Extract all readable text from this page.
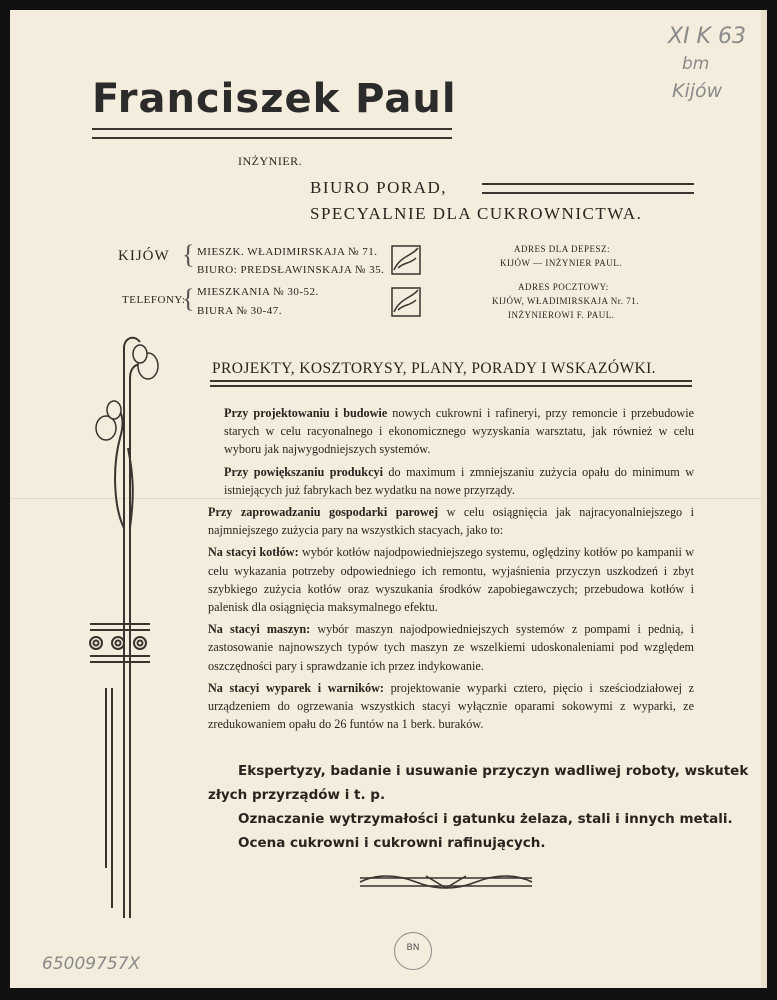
XI K 63
bm
Kijów
65009757X
Franciszek Paul
INŻYNIER.
BIURO PORAD,
SPECYALNIE DLA CUKROWNICTWA.
KIJÓW { MIESZK. WŁADIMIRSKAJA № 71.
BIURO: PREDSŁAWINSKAJA № 35.
TELEFONY:
{ MIESZKANIA № 30-52.
BIURA № 30-47.
ADRES DLA DEPESZ:
KIJÓW — INŻYNIER PAUL.
ADRES POCZTOWY:
KIJÓW, WŁADIMIRSKAJA Nr. 71.
INŻYNIEROWI F. PAUL.
PROJEKTY, KOSZTORYSY, PLANY, PORADY I WSKAZÓWKI.

Przy projektowaniu i budowie nowych cukrowni i rafineryi, przy remoncie i przebudowie starych w celu racyonalnego i ekonomicznego wyzyskania warsztatu, jak również w celu wyboru jak najwygodniejszych systemów.

Przy powiększaniu produkcyi do maximum i zmniejszaniu zużycia opału do minimum w istniejących już fabrykach bez wydatku na nowe przyrządy.

Przy zaprowadzaniu gospodarki parowej w celu osiągnięcia jak najracyonalniejszego i najmniejszego zużycia pary na wszystkich stacyach, jako to:

Na stacyi kotłów: wybór kotłów najodpowiedniejszego systemu, oględziny kotłów po kampanii w celu wykazania potrzeby odpowiedniego ich remontu, wyjaśnienia przyczyn uszkodzeń i zbyt szybkiego zużycia kotłów oraz wyszukania środków zapobiegawczych; przebudowa kotłów i palenisk dla osiągnięcia maksymalnego efektu.

Na stacyi maszyn: wybór maszyn najodpowiedniejszych systemów z pompami i pednią, i zastosowanie najnowszych typów tych maszyn ze wszelkiemi udoskonaleniami pod względem oszczędności pary i sprawdzanie ich przez indykowanie.

Na stacyi wyparek i warników: projektowanie wyparki cztero, pięcio i sześciodziałowej z urządzeniem do ogrzewania wszystkich stacyi wyłącznie oparami sokowymi z wyparki, ze zredukowaniem opału do 26 funtów na 1 berk. buraków.

Ekspertyzy, badanie i usuwanie przyczyn wadliwej roboty, wskutek
złych przyrządów i t. p.
Oznaczanie wytrzymałości i gatunku żelaza, stali i innych metali.
Ocena cukrowni i cukrowni rafinujących.
BN
